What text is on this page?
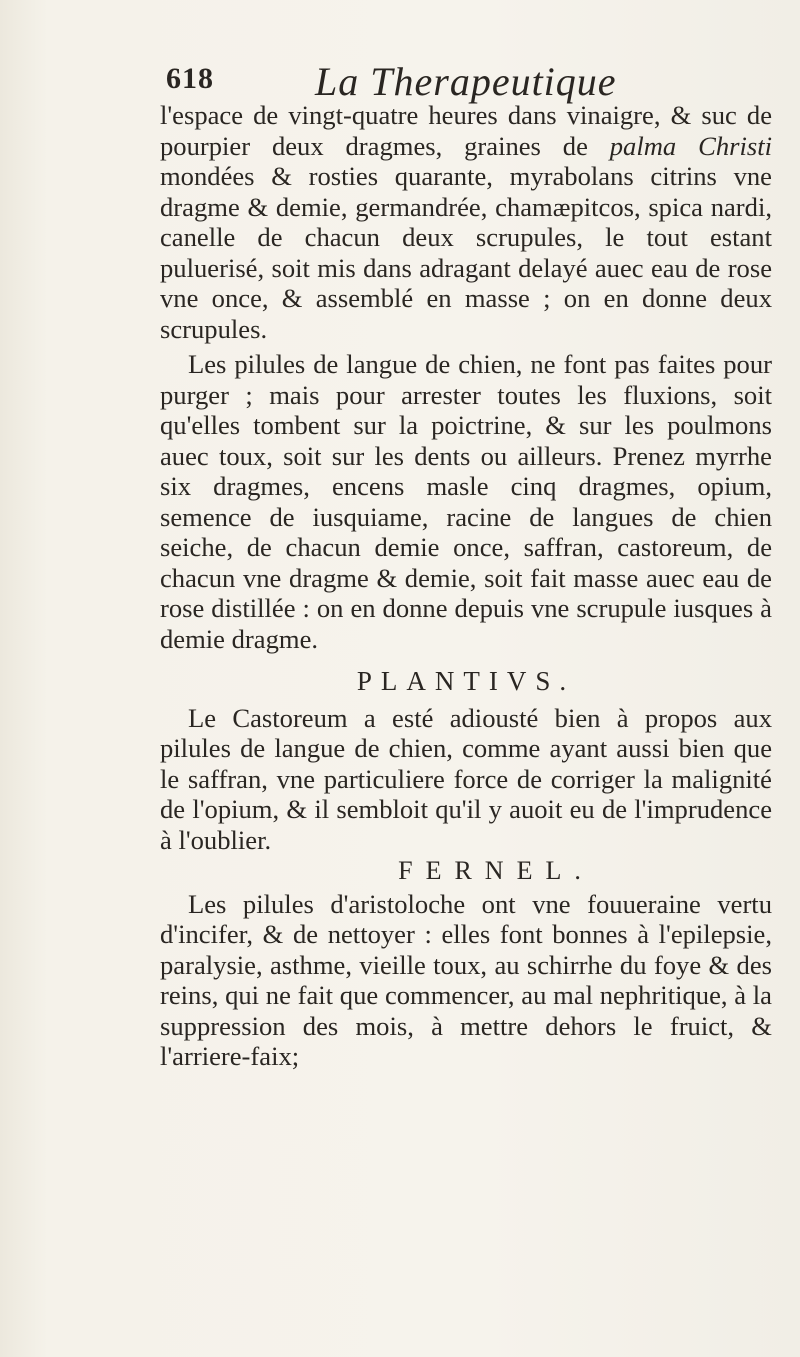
618	La Therapeutique

l'espace de vingt-quatre heures dans vinaigre, & suc de pourpier deux dragmes, graines de palma Christi mondées & rosties quarante, myrabolans citrins vne dragme & demie, germandrée, chamæpitcos, spica nardi, canelle de chacun deux scrupules, le tout estant puluerisé, soit mis dans adragant delayé auec eau de rose vne once, & assemblé en masse ; on en donne deux scrupules.

Les pilules de langue de chien, ne font pas faites pour purger ; mais pour arrester toutes les fluxions, soit qu'elles tombent sur la poictrine, & sur les poulmons auec toux, soit sur les dents ou ailleurs. Prenez myrrhe six dragmes, encens masle cinq dragmes, opium, semence de iusquiame, racine de langues de chien seiche, de chacun demie once, saffran, castoreum, de chacun vne dragme & demie, soit fait masse auec eau de rose distillée : on en donne depuis vne scrupule iusques à demie dragme.

PLANTIVS.

Le Castoreum a esté adiousté bien à propos aux pilules de langue de chien, comme ayant aussi bien que le saffran, vne particuliere force de corriger la malignité de l'opium, & il sembloit qu'il y auoit eu de l'imprudence à l'oublier.

FERNEL.

Les pilules d'aristoloche ont vne fouueraine vertu d'incifer, & de nettoyer : elles font bonnes à l'epilepsie, paralysie, asthme, vieille toux, au schirrhe du foye & des reins, qui ne fait que commencer, au mal nephritique, à la suppression des mois, à mettre dehors le fruict, & l'arriere-faix;
